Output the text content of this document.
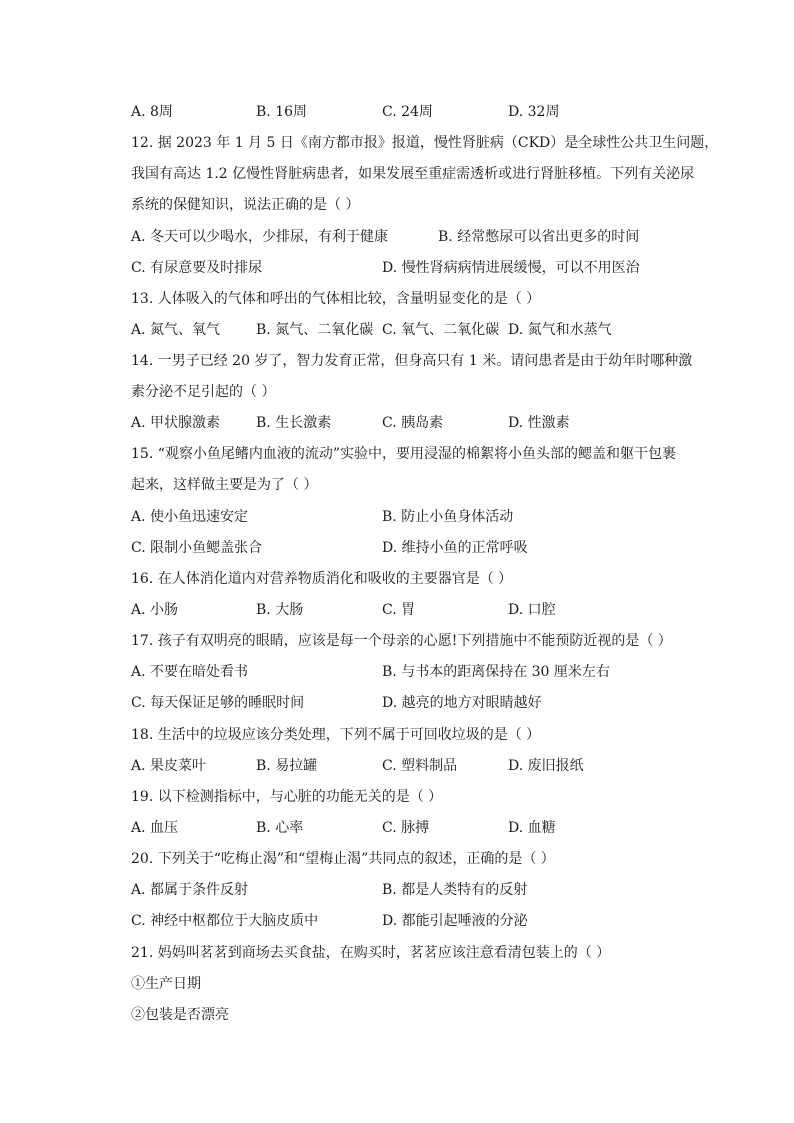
A. 8周	B. 16周	C. 24周	D. 32周
12. 据 2023 年 1 月 5 日《南方都市报》报道，慢性肾脏病（CKD）是全球性公共卫生问题，
我国有高达 1.2 亿慢性肾脏病患者，如果发展至重症需透析或进行肾脏移植。下列有关泌尿
系统的保健知识，说法正确的是（ ）
A. 冬天可以少喝水，少排尿，有利于健康	B. 经常憋尿可以省出更多的时间
C. 有尿意要及时排尿	D. 慢性肾病病情进展缓慢，可以不用医治
13. 人体吸入的气体和呼出的气体相比较，含量明显变化的是（ ）
A. 氮气、氧气	B. 氮气、二氧化碳 C. 氧气、二氧化碳 D. 氮气和水蒸气
14. 一男子已经 20 岁了，智力发育正常，但身高只有 1 米。请问患者是由于幼年时哪种激
素分泌不足引起的（ ）
A. 甲状腺激素	B. 生长激素	C. 胰岛素	D. 性激素
15. “观察小鱼尾鳍内血液的流动”实验中，要用浸湿的棉絮将小鱼头部的鳃盖和躯干包裹
起来，这样做主要是为了（ ）
A. 使小鱼迅速安定	B. 防止小鱼身体活动
C. 限制小鱼鳃盖张合	D. 维持小鱼的正常呼吸
16. 在人体消化道内对营养物质消化和吸收的主要器官是（ ）
A. 小肠	B. 大肠	C. 胃	D. 口腔
17. 孩子有双明亮的眼睛，应该是每一个母亲的心愿!下列措施中不能预防近视的是（ ）
A. 不要在暗处看书	B. 与书本的距离保持在 30 厘米左右
C. 每天保证足够的睡眠时间	D. 越亮的地方对眼睛越好
18. 生活中的垃圾应该分类处理，下列不属于可回收垃圾的是（ ）
A. 果皮菜叶	B. 易拉罐	C. 塑料制品	D. 废旧报纸
19. 以下检测指标中，与心脏的功能无关的是（ ）
A. 血压	B. 心率	C. 脉搏	D. 血糖
20. 下列关于“吃梅止渴”和“望梅止渴”共同点的叙述，正确的是（ ）
A. 都属于条件反射	B. 都是人类特有的反射
C. 神经中枢都位于大脑皮质中	D. 都能引起唾液的分泌
21. 妈妈叫茗茗到商场去买食盐，在购买时，茗茗应该注意看清包装上的（ ）
①生产日期
②包装是否漂亮
